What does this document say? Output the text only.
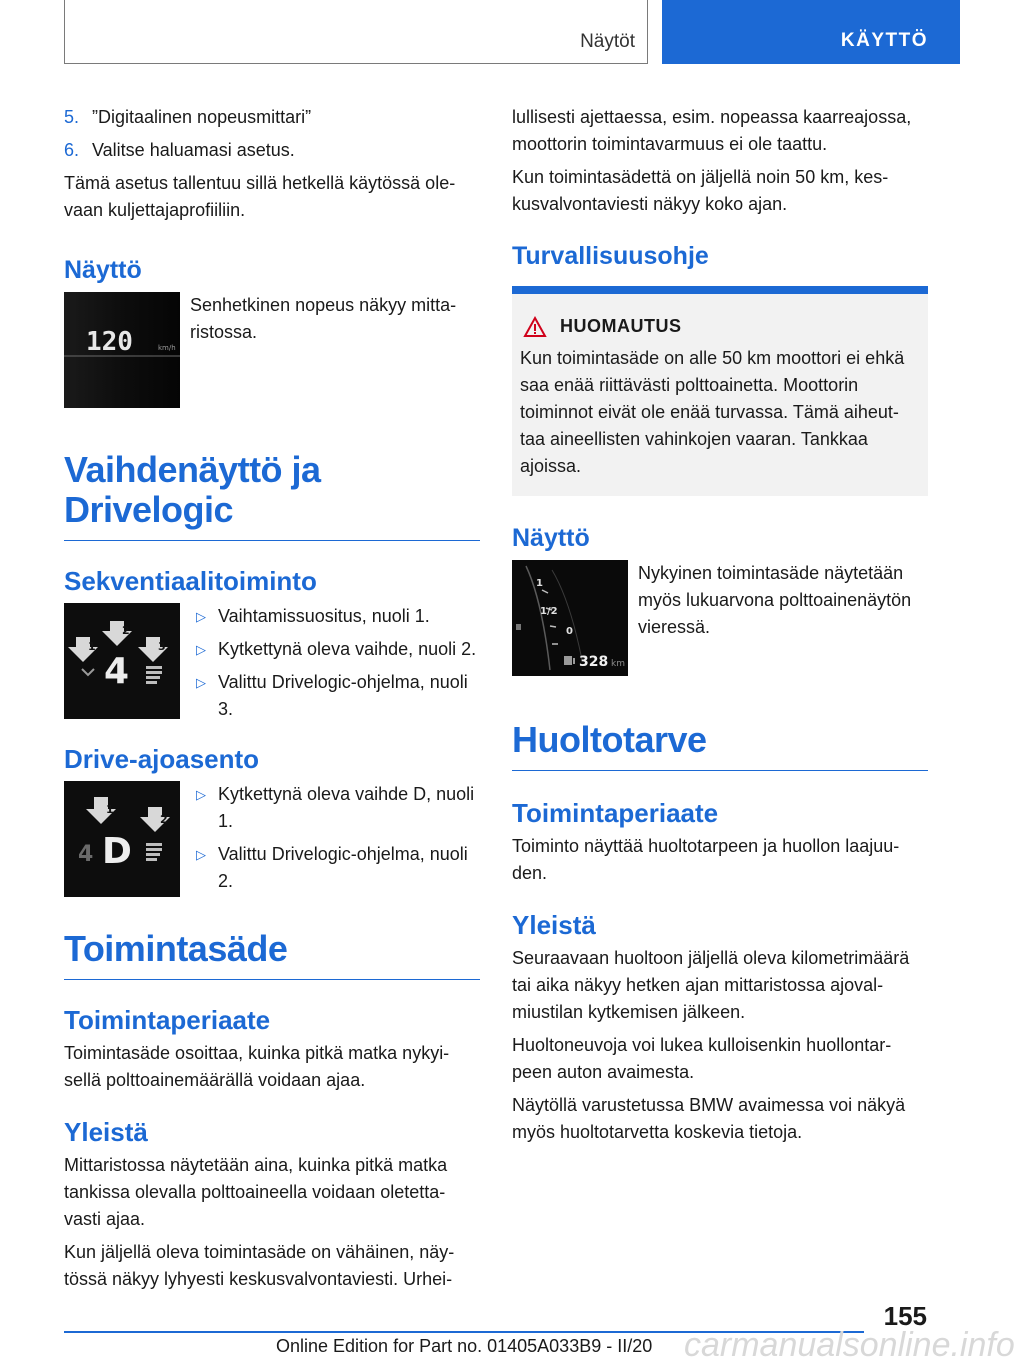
Näytöt	KÄYTTÖ
5. ”Digitaalinen nopeusmittari”
6. Valitse haluamasi asetus.

Tämä asetus tallentuu sillä hetkellä käytössä ole-vaan kuljettajaprofiiliin.

Näyttö
120	km/h

Senhetkinen nopeus näkyy mitta-ristossa.

Vaihdenäyttö ja Drivelogic
Sekventiaalitoiminto
1
2
3
4
▷ Vaihtamissuositus, nuoli 1.
▷ Kytkettynä oleva vaihde, nuoli 2.
▷ Valittu Drivelogic-ohjelma, nuoli 3.
Drive-ajoasento
1
2
4 D
▷ Kytkettynä oleva vaihde D, nuoli 1.
▷ Valittu Drivelogic-ohjelma, nuoli 2.
Toimintasäde
Toimintaperiaate

Toimintasäde osoittaa, kuinka pitkä matka nykyi-sellä polttoainemäärällä voidaan ajaa.

Yleistä

Mittaristossa näytetään aina, kuinka pitkä matka tankissa olevalla polttoaineella voidaan oletetta-vasti ajaa.

Kun jäljellä oleva toimintasäde on vähäinen, näy-tössä näkyy lyhyesti keskusvalvontaviesti. Urhei-

lullisesti ajettaessa, esim. nopeassa kaarreajossa, moottorin toimintavarmuus ei ole taattu.

Kun toimintasädettä on jäljellä noin 50 km, kes-kusvalvontaviesti näkyy koko ajan.

Turvallisuusohje
HUOMAUTUS

Kun toimintasäde on alle 50 km moottori ei ehkä saa enää riittävästi polttoainetta. Moottorin toiminnot eivät ole enää turvassa. Tämä aiheut-taa aineellisten vahinkojen vaaran. Tankkaa ajoissa.

Näyttö
1
1/2
0
328 km

Nykyinen toimintasäde näytetään myös lukuarvona polttoainenäytön vieressä.

Huoltotarve
Toimintaperiaate

Toiminto näyttää huoltotarpeen ja huollon laajuu-den.

Yleistä

Seuraavaan huoltoon jäljellä oleva kilometrimäärä tai aika näkyy hetken ajan mittaristossa ajoval-miustilan kytkemisen jälkeen.

Huoltoneuvoja voi lukea kulloisenkin huollontar-peen auton avaimesta.

Näytöllä varustetussa BMW avaimessa voi näkyä myös huoltotarvetta koskevia tietoja.

155
carmanualsonline.info
Online Edition for Part no. 01405A033B9 - II/20
